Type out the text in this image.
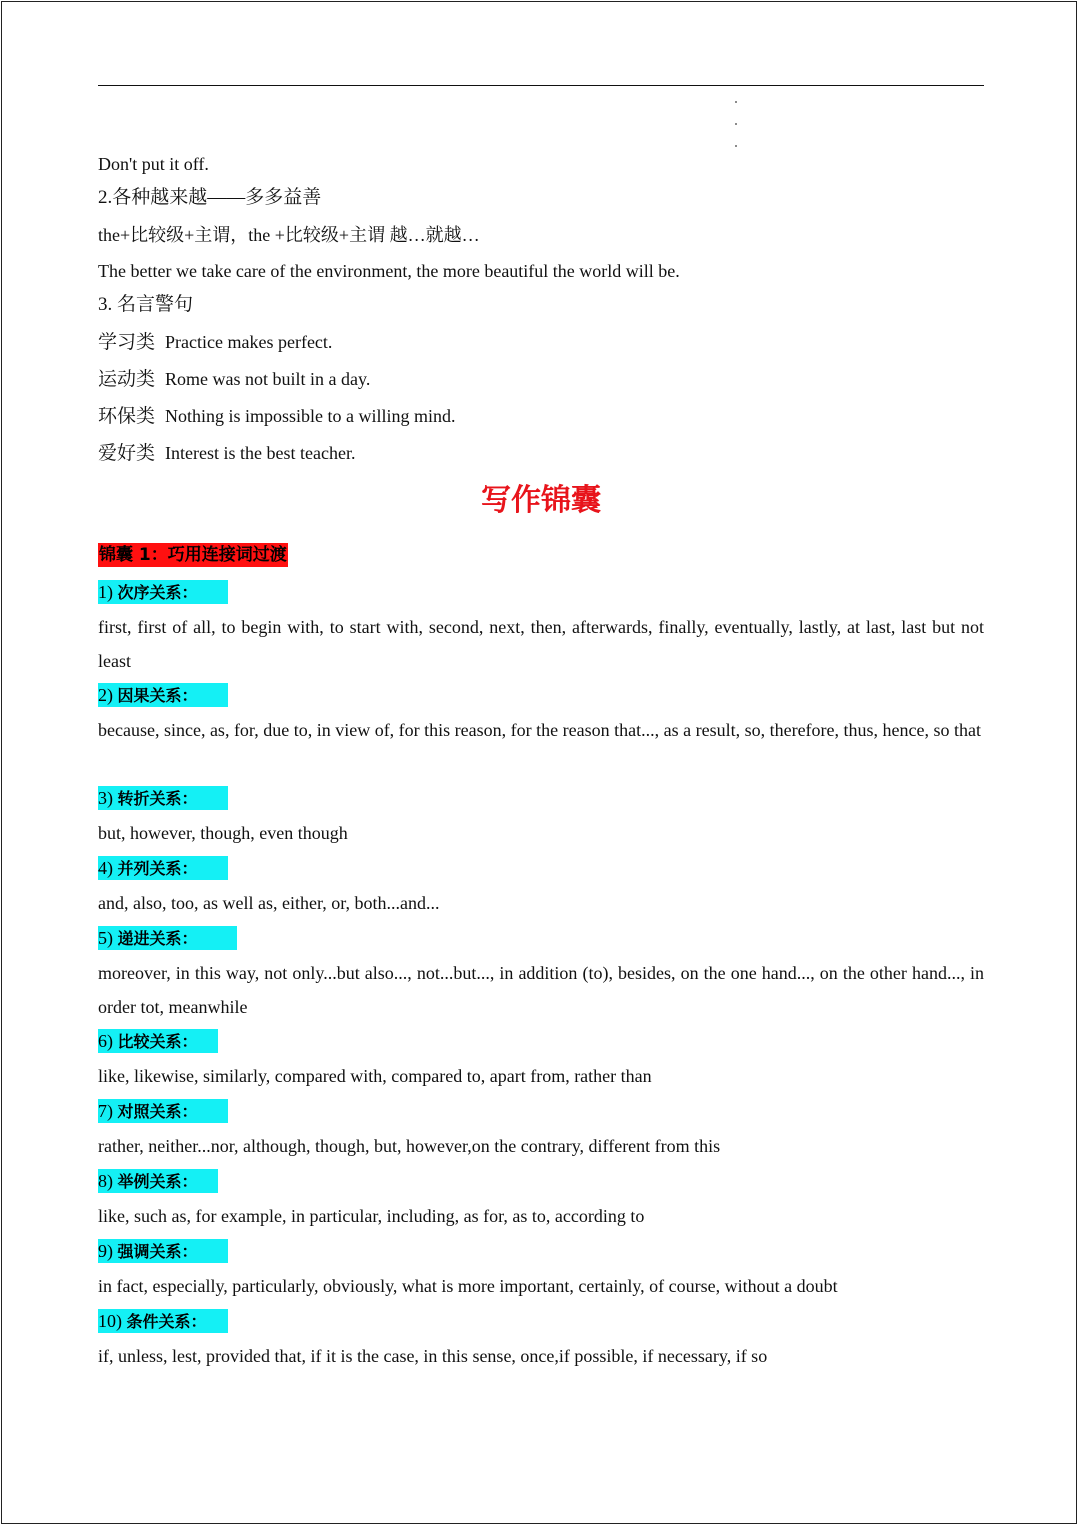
Don't put it off.
2.各种越来越——多多益善
the+比较级+主谓，the +比较级+主谓 越…就越…
The better we take care of the environment, the more beautiful the world will be.
3. 名言警句
学习类 Practice makes perfect.
运动类 Rome was not built in a day.
环保类 Nothing is impossible to a willing mind.
爱好类 Interest is the best teacher.
写作锦囊
锦囊 1：巧用连接词过渡
1) 次序关系：
first, first of all, to begin with, to start with, second, next, then, afterwards, finally, eventually, lastly, at last, last but not least
2) 因果关系：
because, since, as, for, due to, in view of, for this reason, for the reason that..., as a result, so, therefore, thus, hence, so that
3) 转折关系：
but, however, though, even though
4) 并列关系：
and, also, too, as well as, either, or, both...and...
5) 递进关系：
moreover, in this way, not only...but also..., not...but..., in addition (to), besides, on the one hand..., on the other hand..., in order tot, meanwhile
6) 比较关系：
like, likewise, similarly, compared with, compared to, apart from, rather than
7) 对照关系：
rather, neither...nor, although, though, but, however,on the contrary, different from this
8) 举例关系：
like, such as, for example, in particular, including, as for, as to, according to
9) 强调关系：
in fact, especially, particularly, obviously, what is more important, certainly, of course, without a doubt
10) 条件关系：
if, unless, lest, provided that, if it is the case, in this sense, once,if possible, if necessary, if so
